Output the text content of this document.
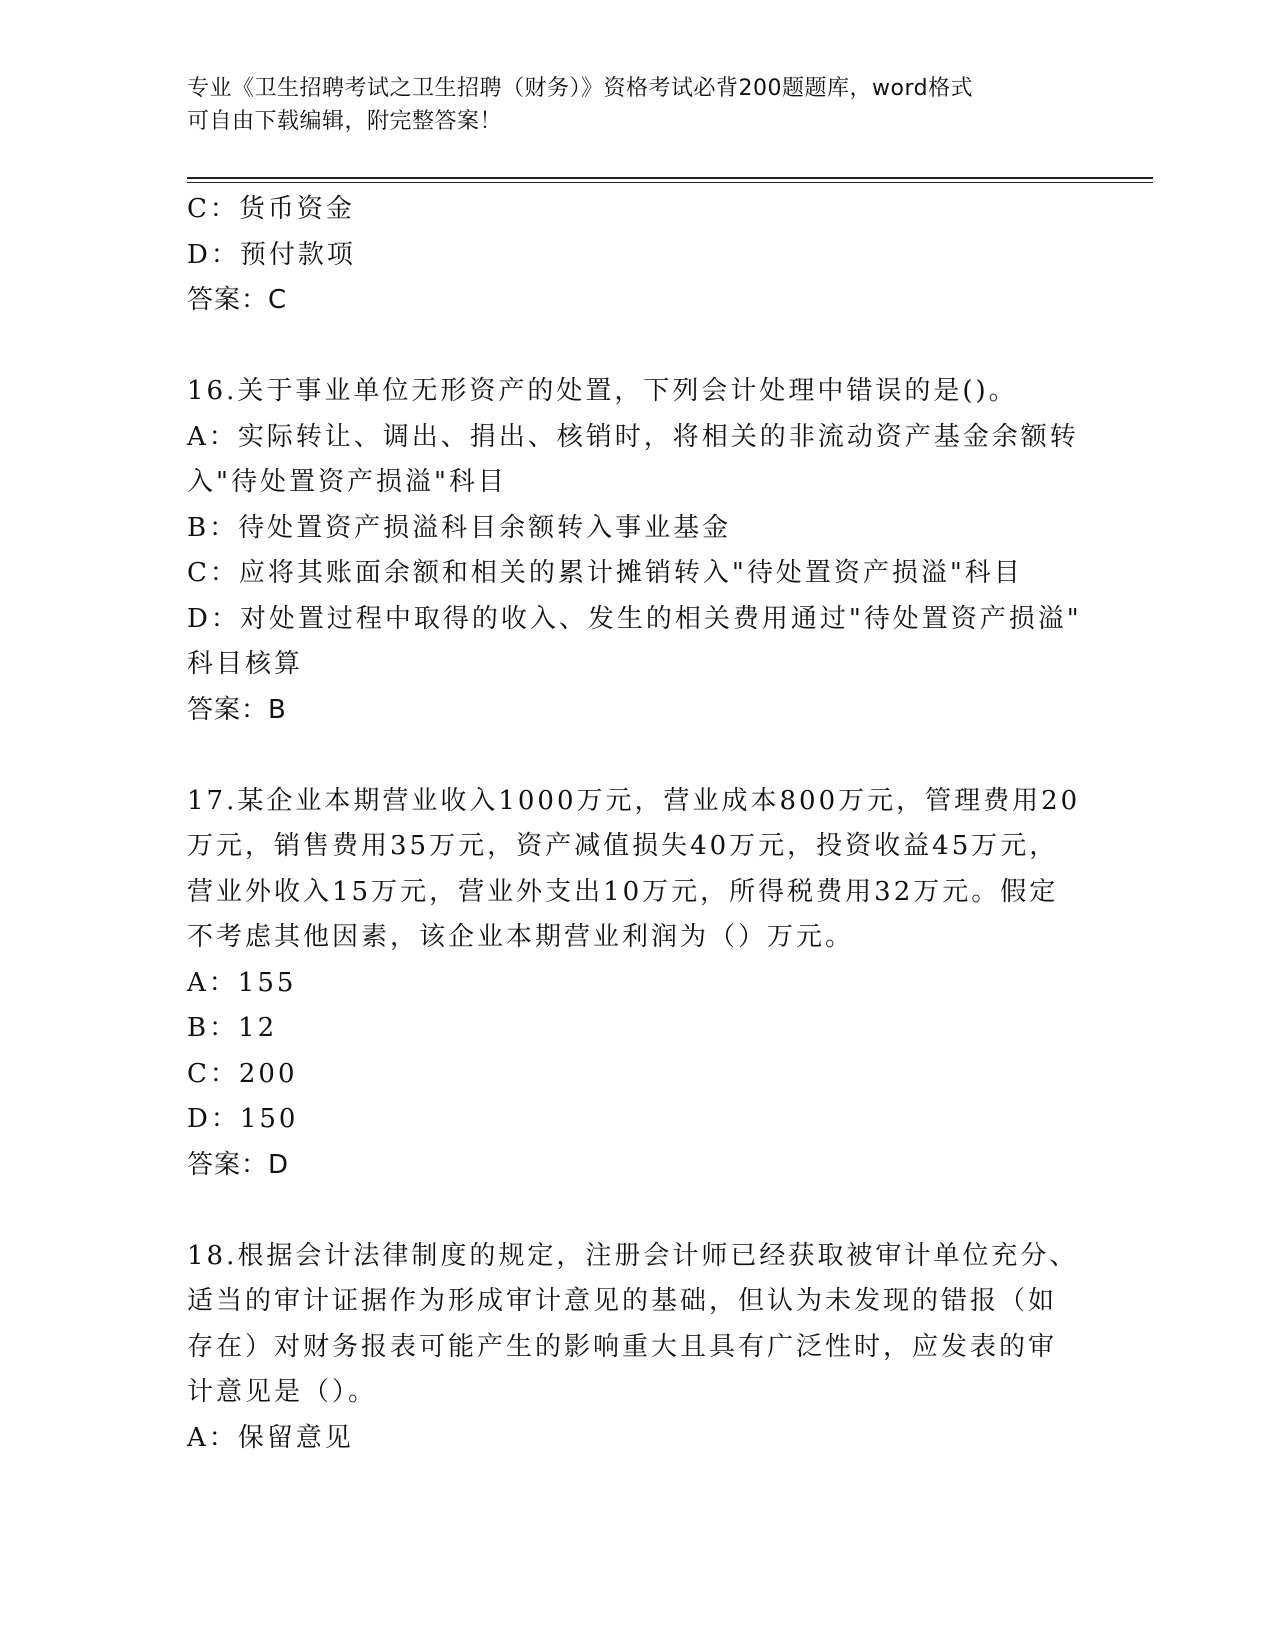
专业《卫生招聘考试之卫生招聘（财务）》资格考试必背200题题库，word格式
可自由下载编辑，附完整答案！
C：货币资金
D：预付款项
答案：C
16.关于事业单位无形资产的处置，下列会计处理中错误的是()。
A：实际转让、调出、捐出、核销时，将相关的非流动资产基金余额转
入"待处置资产损溢"科目
B：待处置资产损溢科目余额转入事业基金
C：应将其账面余额和相关的累计摊销转入"待处置资产损溢"科目
D：对处置过程中取得的收入、发生的相关费用通过"待处置资产损溢"
科目核算
答案：B
17.某企业本期营业收入1000万元，营业成本800万元，管理费用20
万元，销售费用35万元，资产减值损失40万元，投资收益45万元，
营业外收入15万元，营业外支出10万元，所得税费用32万元。假定
不考虑其他因素，该企业本期营业利润为（）万元。
A：155
B：12
C：200
D：150
答案：D
18.根据会计法律制度的规定，注册会计师已经获取被审计单位充分、
适当的审计证据作为形成审计意见的基础，但认为未发现的错报（如
存在）对财务报表可能产生的影响重大且具有广泛性时，应发表的审
计意见是（）。
A：保留意见
